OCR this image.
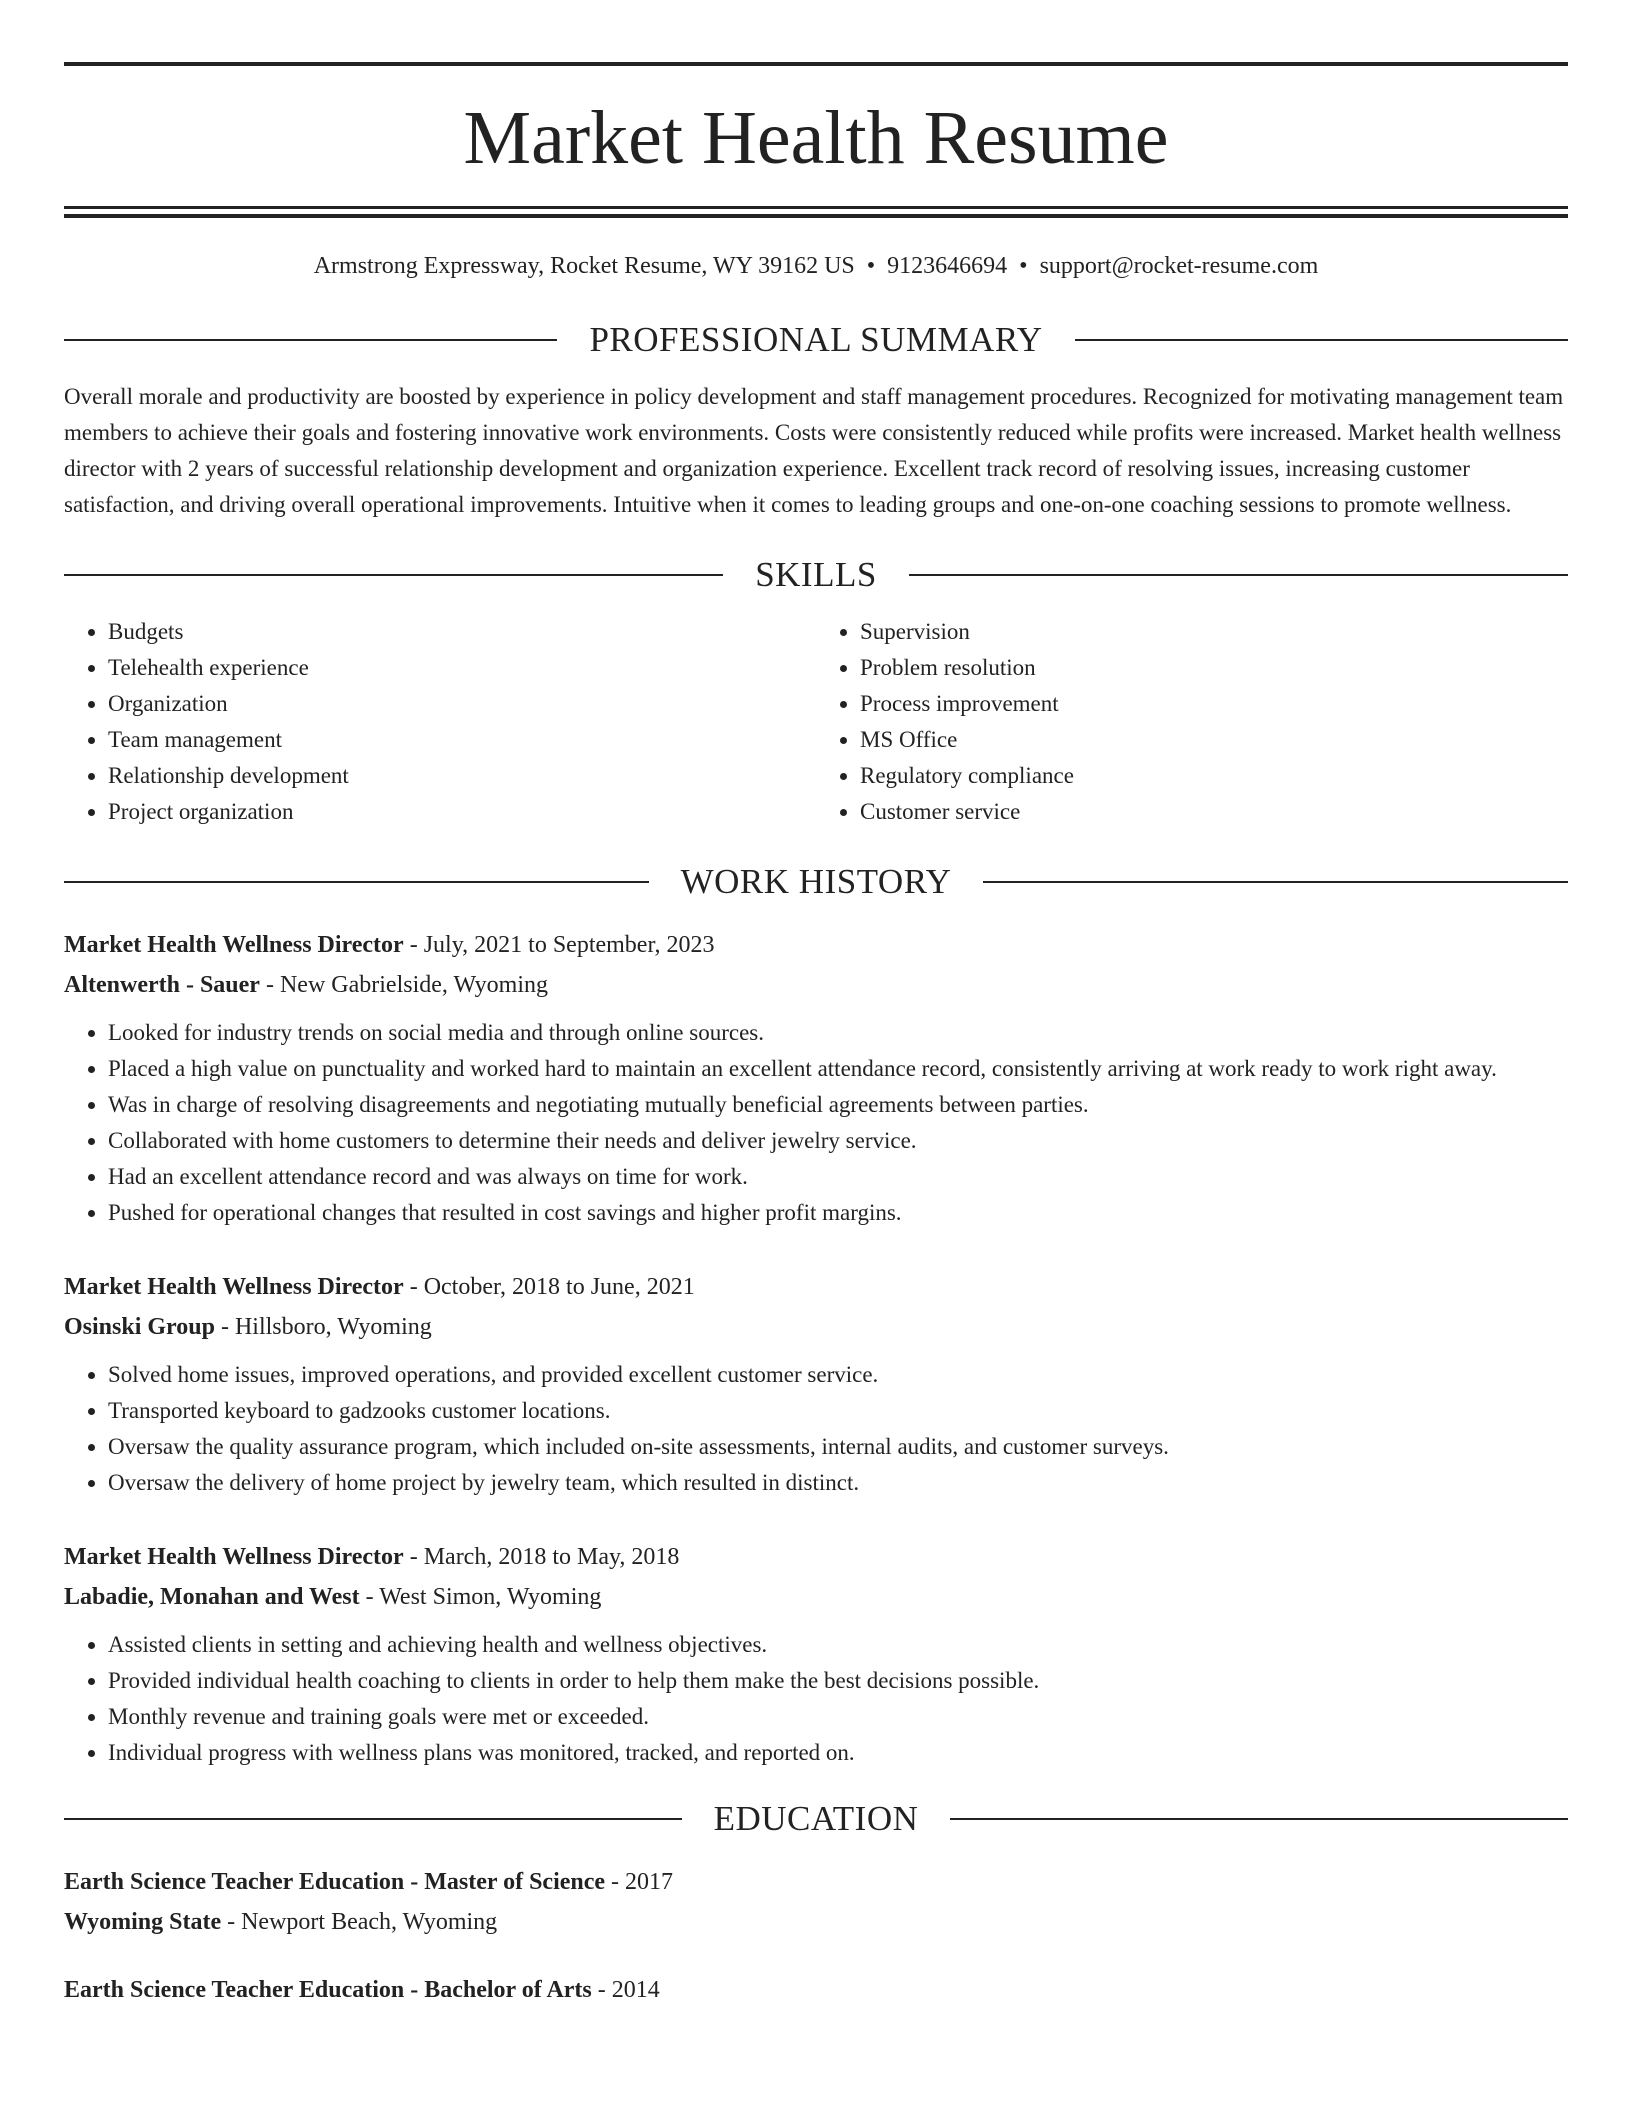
Market Health Resume
Armstrong Expressway, Rocket Resume, WY 39162 US • 9123646694 • support@rocket-resume.com
PROFESSIONAL SUMMARY

Overall morale and productivity are boosted by experience in policy development and staff management procedures. Recognized for motivating management team members to achieve their goals and fostering innovative work environments. Costs were consistently reduced while profits were increased. Market health wellness director with 2 years of successful relationship development and organization experience. Excellent track record of resolving issues, increasing customer satisfaction, and driving overall operational improvements. Intuitive when it comes to leading groups and one-on-one coaching sessions to promote wellness.

SKILLS
• Budgets
• Telehealth experience
• Organization
• Team management
• Relationship development
• Project organization
• Supervision
• Problem resolution
• Process improvement
• MS Office
• Regulatory compliance
• Customer service
WORK HISTORY
Market Health Wellness Director - July, 2021 to September, 2023
Altenwerth - Sauer - New Gabrielside, Wyoming
• Looked for industry trends on social media and through online sources.
• Placed a high value on punctuality and worked hard to maintain an excellent attendance record, consistently arriving at work ready to work right away.
• Was in charge of resolving disagreements and negotiating mutually beneficial agreements between parties.
• Collaborated with home customers to determine their needs and deliver jewelry service.
• Had an excellent attendance record and was always on time for work.
• Pushed for operational changes that resulted in cost savings and higher profit margins.
Market Health Wellness Director - October, 2018 to June, 2021
Osinski Group - Hillsboro, Wyoming
• Solved home issues, improved operations, and provided excellent customer service.
• Transported keyboard to gadzooks customer locations.
• Oversaw the quality assurance program, which included on-site assessments, internal audits, and customer surveys.
• Oversaw the delivery of home project by jewelry team, which resulted in distinct.
Market Health Wellness Director - March, 2018 to May, 2018
Labadie, Monahan and West - West Simon, Wyoming
• Assisted clients in setting and achieving health and wellness objectives.
• Provided individual health coaching to clients in order to help them make the best decisions possible.
• Monthly revenue and training goals were met or exceeded.
• Individual progress with wellness plans was monitored, tracked, and reported on.
EDUCATION
Earth Science Teacher Education - Master of Science - 2017
Wyoming State - Newport Beach, Wyoming
Earth Science Teacher Education - Bachelor of Arts - 2014
